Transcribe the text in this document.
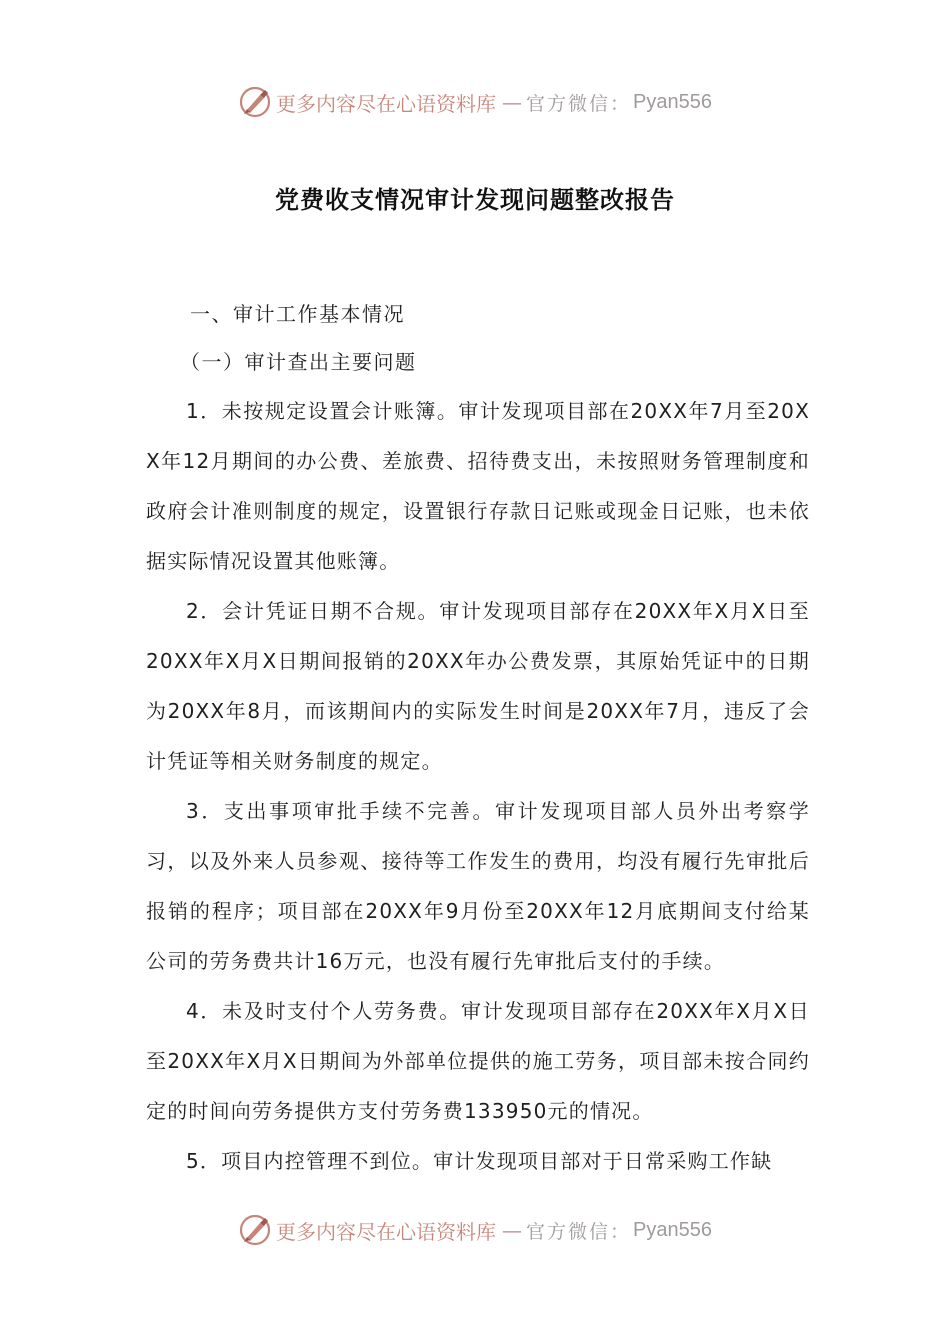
更多内容尽在心语资料库 — 官方微信： Pyan556
党费收支情况审计发现问题整改报告
一、审计工作基本情况
（一）审计查出主要问题

1．未按规定设置会计账簿。审计发现项目部在20XX年7月至20XX年12月期间的办公费、差旅费、招待费支出，未按照财务管理制度和政府会计准则制度的规定，设置银行存款日记账或现金日记账，也未依据实际情况设置其他账簿。

2．会计凭证日期不合规。审计发现项目部存在20XX年X月X日至20XX年X月X日期间报销的20XX年办公费发票，其原始凭证中的日期为20XX年8月，而该期间内的实际发生时间是20XX年7月，违反了会计凭证等相关财务制度的规定。

3．支出事项审批手续不完善。审计发现项目部人员外出考察学习，以及外来人员参观、接待等工作发生的费用，均没有履行先审批后报销的程序；项目部在20XX年9月份至20XX年12月底期间支付给某公司的劳务费共计16万元，也没有履行先审批后支付的手续。

4．未及时支付个人劳务费。审计发现项目部存在20XX年X月X日至20XX年X月X日期间为外部单位提供的施工劳务，项目部未按合同约定的时间向劳务提供方支付劳务费133950元的情况。

5．项目内控管理不到位。审计发现项目部对于日常采购工作缺

更多内容尽在心语资料库 — 官方微信： Pyan556
